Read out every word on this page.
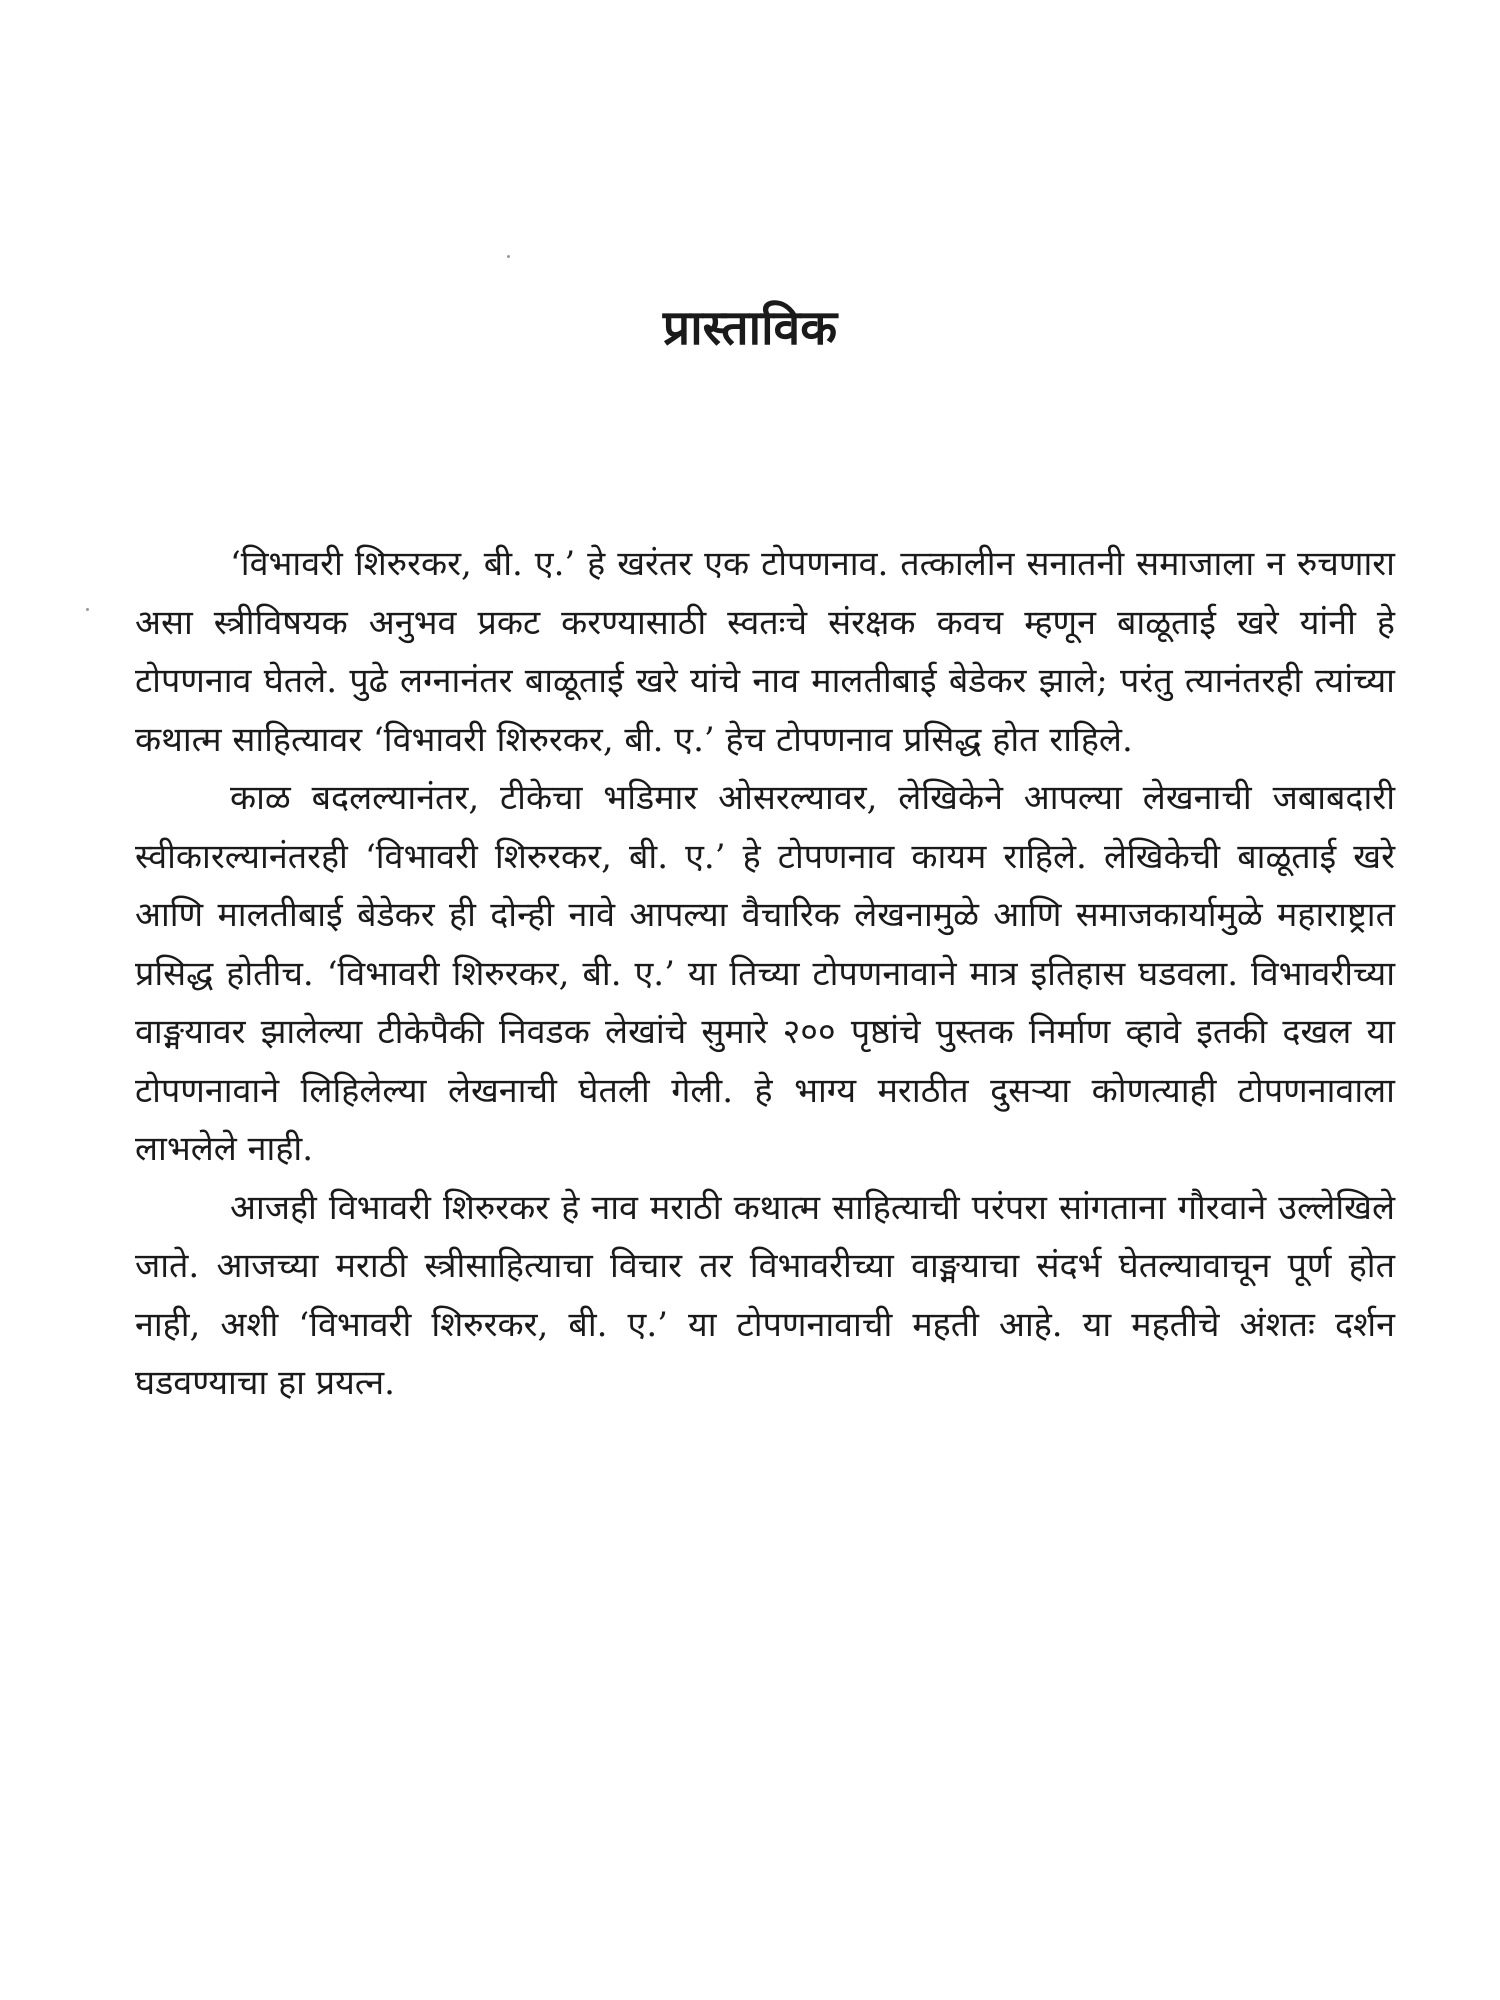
प्रास्ताविक

‘विभावरी शिरुरकर, बी. ए.’ हे खरंतर एक टोपणनाव. तत्कालीन सनातनी समाजाला न रुचणारा असा स्त्रीविषयक अनुभव प्रकट करण्यासाठी स्वतःचे संरक्षक कवच म्हणून बाळूताई खरे यांनी हे टोपणनाव घेतले. पुढे लग्नानंतर बाळूताई खरे यांचे नाव मालतीबाई बेडेकर झाले; परंतु त्यानंतरही त्यांच्या कथात्म साहित्यावर ‘विभावरी शिरुरकर, बी. ए.’ हेच टोपणनाव प्रसिद्ध होत राहिले.

काळ बदलल्यानंतर, टीकेचा भडिमार ओसरल्यावर, लेखिकेने आपल्या लेखनाची जबाबदारी स्वीकारल्यानंतरही ‘विभावरी शिरुरकर, बी. ए.’ हे टोपणनाव कायम राहिले. लेखिकेची बाळूताई खरे आणि मालतीबाई बेडेकर ही दोन्ही नावे आपल्या वैचारिक लेखनामुळे आणि समाजकार्यामुळे महाराष्ट्रात प्रसिद्ध होतीच. ‘विभावरी शिरुरकर, बी. ए.’ या तिच्या टोपणनावाने मात्र इतिहास घडवला. विभावरीच्या वाङ्मयावर झालेल्या टीकेपैकी निवडक लेखांचे सुमारे २०० पृष्ठांचे पुस्तक निर्माण व्हावे इतकी दखल या टोपणनावाने लिहिलेल्या लेखनाची घेतली गेली. हे भाग्य मराठीत दुसऱ्या कोणत्याही टोपणनावाला लाभलेले नाही.

आजही विभावरी शिरुरकर हे नाव मराठी कथात्म साहित्याची परंपरा सांगताना गौरवाने उल्लेखिले जाते. आजच्या मराठी स्त्रीसाहित्याचा विचार तर विभावरीच्या वाङ्मयाचा संदर्भ घेतल्यावाचून पूर्ण होत नाही, अशी ‘विभावरी शिरुरकर, बी. ए.’ या टोपणनावाची महती आहे. या महतीचे अंशतः दर्शन घडवण्याचा हा प्रयत्न.
